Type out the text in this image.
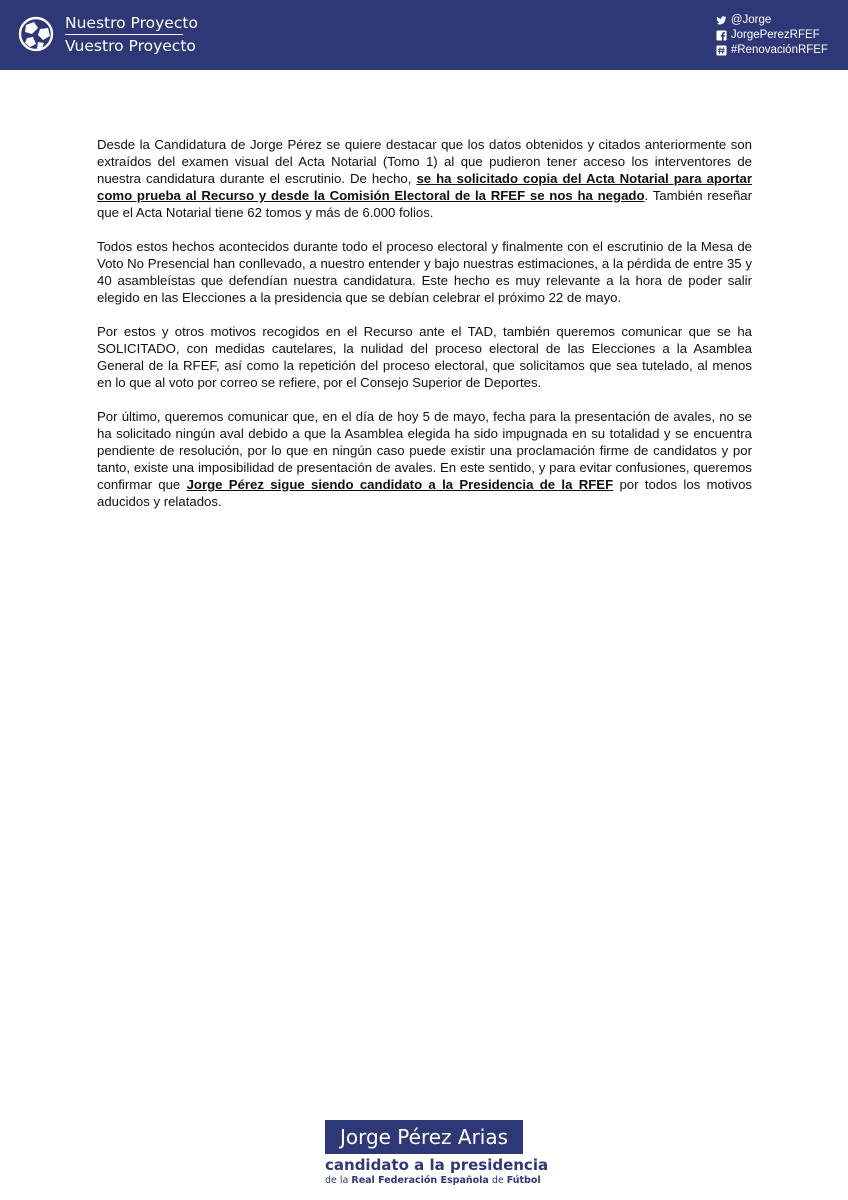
Nuestro Proyecto
Vuestro Proyecto
@Jorge
JorgePerezRFEF
#RenovaciónRFEF

Desde la Candidatura de Jorge Pérez se quiere destacar que los datos obtenidos y citados anteriormente son extraídos del examen visual del Acta Notarial (Tomo 1) al que pudieron tener acceso los interventores de nuestra candidatura durante el escrutinio. De hecho, se ha solicitado copia del Acta Notarial para aportar como prueba al Recurso y desde la Comisión Electoral de la RFEF se nos ha negado. También reseñar que el Acta Notarial tiene 62 tomos y más de 6.000 folios.

Todos estos hechos acontecidos durante todo el proceso electoral y finalmente con el escrutinio de la Mesa de Voto No Presencial han conllevado, a nuestro entender y bajo nuestras estimaciones, a la pérdida de entre 35 y 40 asambleístas que defendían nuestra candidatura. Este hecho es muy relevante a la hora de poder salir elegido en las Elecciones a la presidencia que se debían celebrar el próximo 22 de mayo.

Por estos y otros motivos recogidos en el Recurso ante el TAD, también queremos comunicar que se ha SOLICITADO, con medidas cautelares, la nulidad del proceso electoral de las Elecciones a la Asamblea General de la RFEF, así como la repetición del proceso electoral, que solicitamos que sea tutelado, al menos en lo que al voto por correo se refiere, por el Consejo Superior de Deportes.

Por último, queremos comunicar que, en el día de hoy 5 de mayo, fecha para la presentación de avales, no se ha solicitado ningún aval debido a que la Asamblea elegida ha sido impugnada en su totalidad y se encuentra pendiente de resolución, por lo que en ningún caso puede existir una proclamación firme de candidatos y por tanto, existe una imposibilidad de presentación de avales. En este sentido, y para evitar confusiones, queremos confirmar que Jorge Pérez sigue siendo candidato a la Presidencia de la RFEF por todos los motivos aducidos y relatados.

Jorge Pérez Arias
candidato a la presidencia
de la Real Federación Española de Fútbol
